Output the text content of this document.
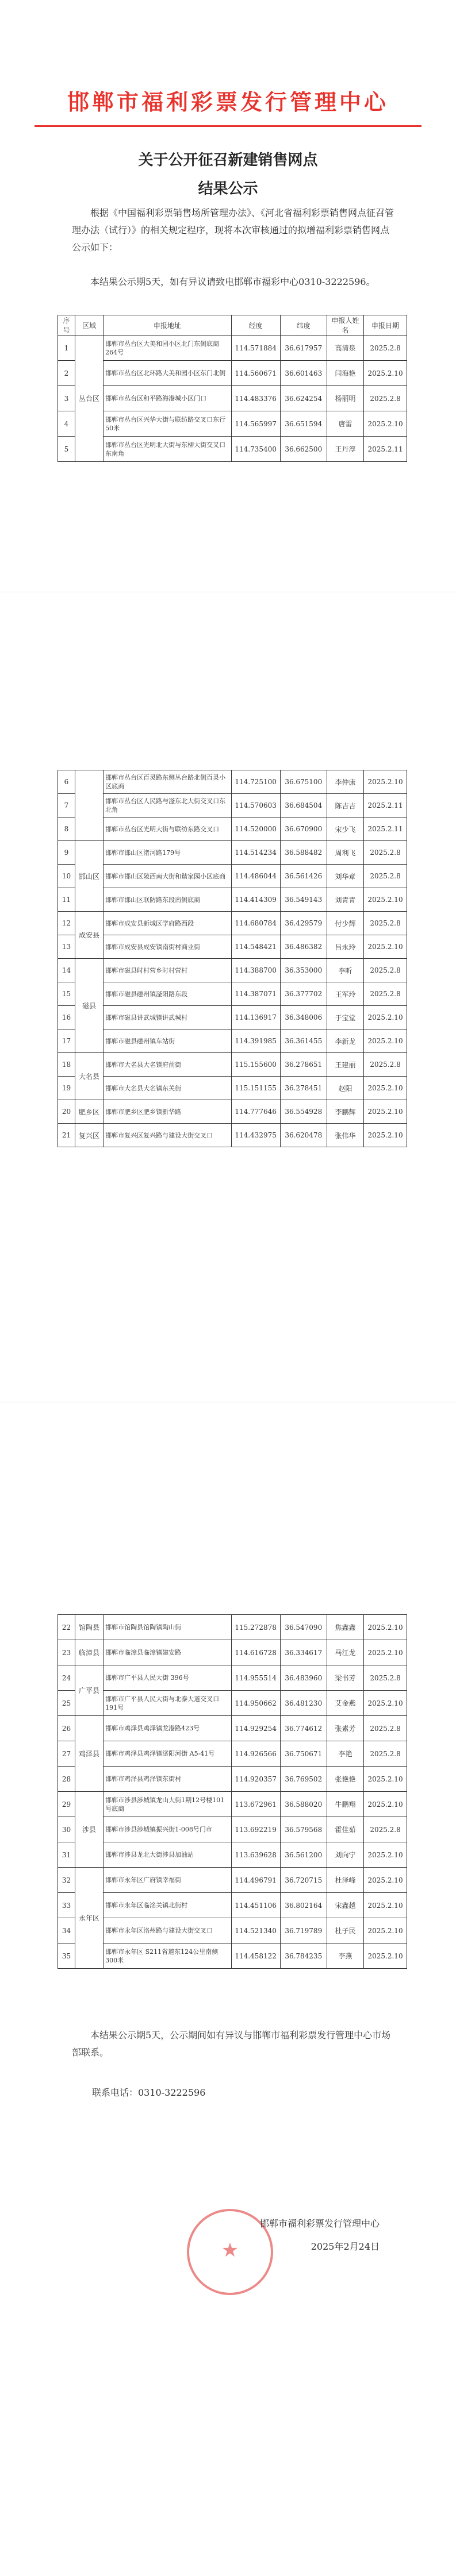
邯郸市福利彩票发行管理中心
关于公开征召新建销售网点
结果公示
根据《中国福利彩票销售场所管理办法》、《河北省福利彩票销售网点征召管理办法（试行）》的相关规定程序，现将本次审核通过的拟增福利彩票销售网点公示如下：
本结果公示期5天，如有异议请致电邯郸市福彩中心0310-3222596。
序号	区域	申报地址	经度	纬度	申报人姓名	申报日期
1	丛台区	邯郸市丛台区大美和园小区北门东侧底商264号	114.571884	36.617957	高清泉	2025.2.8
2		邯郸市丛台区北环路大美和园小区东门北侧	114.560671	36.601463	闫海艳	2025.2.10
3		邯郸市丛台区和平路海港城小区门口	114.483376	36.624254	杨丽明	2025.2.8
4		邯郸市丛台区兴华大街与联纺路交叉口东行50米	114.565997	36.651594	唐雷	2025.2.10
5		邯郸市丛台区光明北大街与东柳大街交叉口东南角	114.735400	36.662500	王丹淳	2025.2.11
6		邯郸市丛台区百灵路东侧丛台路北侧百灵小区底商	114.725100	36.675100	李仲康	2025.2.10
7		邯郸市丛台区人民路与滏东北大街交叉口东北角	114.570603	36.684504	陈吉吉	2025.2.11
8		邯郸市丛台区光明大街与联纺东路交叉口	114.520000	36.670900	宋少飞	2025.2.11
9	邯山区	邯郸市邯山区渚河路179号	114.514234	36.588482	周利飞	2025.2.8
10		邯郸市邯山区陵西南大街和谐家园小区底商	114.486044	36.561426	刘华章	2025.2.8
11		邯郸市邯山区联防路东段南侧底商	114.414309	36.549143	刘青青	2025.2.10
12	成安县	邯郸市成安县新城区学府路西段	114.680784	36.429579	付少辉	2025.2.8
13		邯郸市成安县成安镇南街村商业街	114.548421	36.486382	吕永玲	2025.2.10
14	磁县	邯郸市磁县时村营乡时村营村	114.388700	36.353000	李昕	2025.2.8
15		邯郸市磁县磁州镇滏阳路东段	114.387071	36.377702	王军玲	2025.2.8
16		邯郸市磁县讲武城镇讲武城村	114.136917	36.348006	于宝堂	2025.2.10
17		邯郸市磁县磁州镇车站街	114.391985	36.361455	李新龙	2025.2.10
18	大名县	邯郸市大名县大名镇府前街	115.155600	36.278651	王建丽	2025.2.8
19		邯郸市大名县大名镇东关街	115.151155	36.278451	赵阳	2025.2.10
20	肥乡区	邯郸市肥乡区肥乡镇新华路	114.777646	36.554928	李鹏辉	2025.2.10
21	复兴区	邯郸市复兴区复兴路与建设大街交叉口	114.432975	36.620478	张伟华	2025.2.10
22	馆陶县	邯郸市馆陶县馆陶镇陶山街	115.272878	36.547090	焦鑫鑫	2025.2.10
23	临漳县	邯郸市临漳县临漳镇建安路	114.616728	36.334617	马江龙	2025.2.10
24	广平县	邯郸市广平县人民大街 396号	114.955514	36.483960	梁书芳	2025.2.8
25		邯郸市广平县人民大街与北泰大道交叉口191号	114.950662	36.481230	艾金燕	2025.2.10
26	鸡泽县	邯郸市鸡泽县鸡泽镇龙港路423号	114.929254	36.774612	张素芳	2025.2.8
27		邯郸市鸡泽县鸡泽镇滏阳河街 A5-41号	114.926566	36.750671	李艳	2025.2.8
28		邯郸市鸡泽县鸡泽镇东街村	114.920357	36.769502	张艳艳	2025.2.10
29	涉县	邯郸市涉县涉城镇龙山大街1期12号楼101号底商	113.672961	36.588020	牛鹏翔	2025.2.10
30		邯郸市涉县涉城镇振兴街1-008号门市	113.692219	36.579568	霍佳茹	2025.2.8
31		邯郸市涉县龙北大街涉县加油站	113.639628	36.561200	刘向宁	2025.2.10
32	永年区	邯郸市永年区广府镇幸福街	114.496791	36.720715	杜泽峰	2025.2.10
33		邯郸市永年区临洺关镇北街村	114.451106	36.802164	宋鑫越	2025.2.10
34		邯郸市永年区洺州路与建设大街交叉口	114.521340	36.719789	杜子民	2025.2.10
35		邯郸市永年区 S211省道东124公里南侧300米	114.458122	36.784235	李燕	2025.2.10
本结果公示期5天，公示期间如有异议与邯郸市福利彩票发行管理中心市场部联系。
联系电话：0310-3222596
★
邯郸市福利彩票发行管理中心
2025年2月24日
